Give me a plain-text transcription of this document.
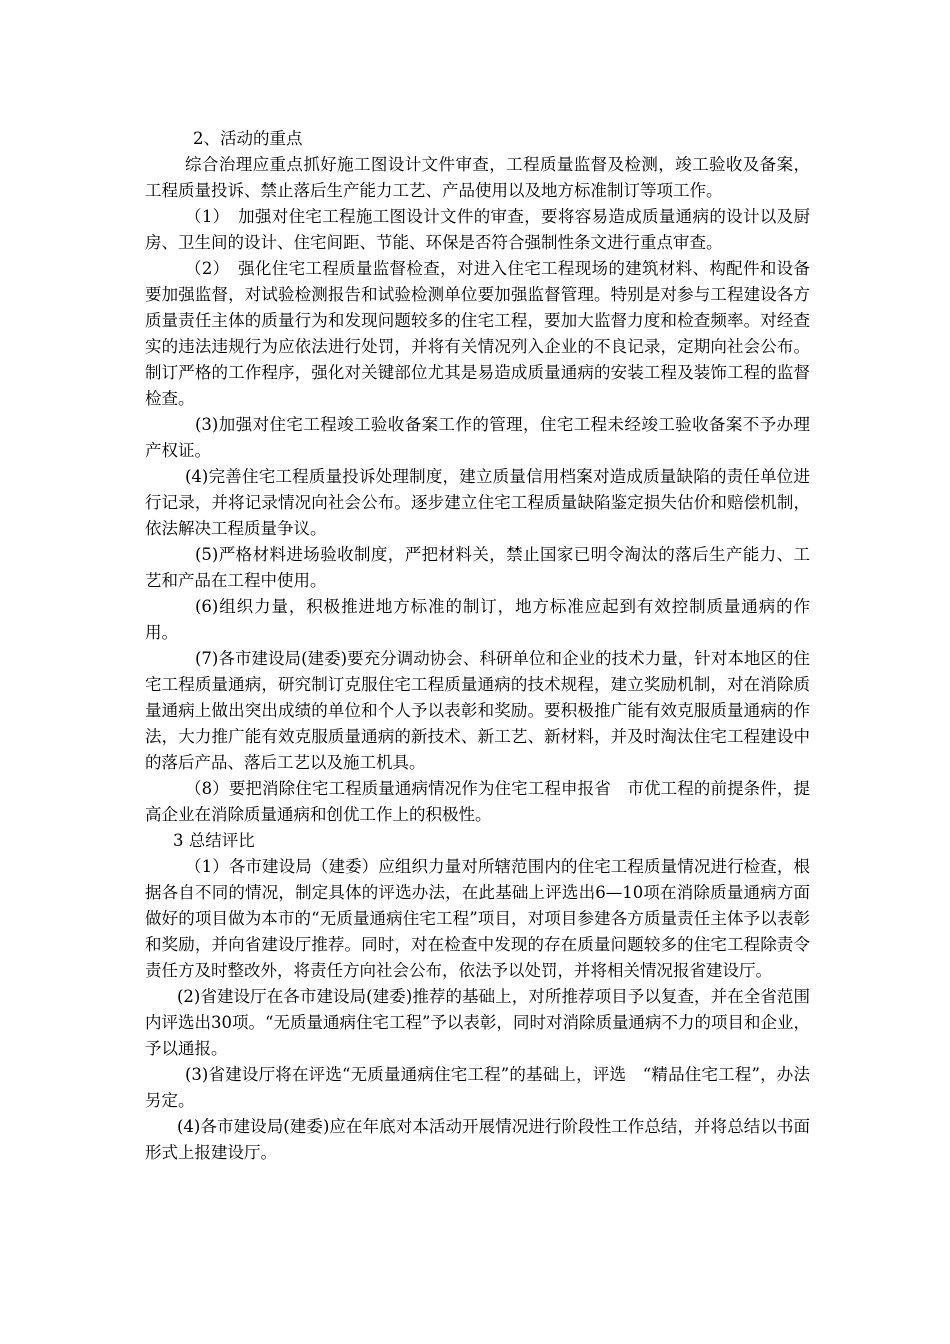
2、活动的重点

综合治理应重点抓好施工图设计文件审查，工程质量监督及检测，竣工验收及备案，工程质量投诉、禁止落后生产能力工艺、产品使用以及地方标准制订等项工作。

（1）　加强对住宅工程施工图设计文件的审查，要将容易造成质量通病的设计以及厨房、卫生间的设计、住宅间距、节能、环保是否符合强制性条文进行重点审查。

（2）　强化住宅工程质量监督检查，对进入住宅工程现场的建筑材料、构配件和设备要加强监督，对试验检测报告和试验检测单位要加强监督管理。特别是对参与工程建设各方质量责任主体的质量行为和发现问题较多的住宅工程，要加大监督力度和检查频率。对经查实的违法违规行为应依法进行处罚，并将有关情况列入企业的不良记录，定期向社会公布。制订严格的工作程序，强化对关键部位尤其是易造成质量通病的安装工程及装饰工程的监督检查。

(3)加强对住宅工程竣工验收备案工作的管理，住宅工程未经竣工验收备案不予办理产权证。

(4)完善住宅工程质量投诉处理制度，建立质量信用档案对造成质量缺陷的责任单位进行记录，并将记录情况向社会公布。逐步建立住宅工程质量缺陷鉴定损失估价和赔偿机制，依法解决工程质量争议。

(5)严格材料进场验收制度，严把材料关，禁止国家已明令淘汰的落后生产能力、工艺和产品在工程中使用。

(6)组织力量，积极推进地方标准的制订，地方标准应起到有效控制质量通病的作用。

(7)各市建设局(建委)要充分调动协会、科研单位和企业的技术力量，针对本地区的住宅工程质量通病，研究制订克服住宅工程质量通病的技术规程，建立奖励机制，对在消除质量通病上做出突出成绩的单位和个人予以表彰和奖励。要积极推广能有效克服质量通病的作法，大力推广能有效克服质量通病的新技术、新工艺、新材料，并及时淘汰住宅工程建设中的落后产品、落后工艺以及施工机具。

（8）要把消除住宅工程质量通病情况作为住宅工程申报省　市优工程的前提条件，提高企业在消除质量通病和创优工作上的积极性。

3 总结评比

（1）各市建设局（建委）应组织力量对所辖范围内的住宅工程质量情况进行检查，根据各自不同的情况，制定具体的评选办法，在此基础上评选出6—10项在消除质量通病方面做好的项目做为本市的“无质量通病住宅工程”项目，对项目参建各方质量责任主体予以表彰和奖励，并向省建设厅推荐。同时，对在检查中发现的存在质量问题较多的住宅工程除责令责任方及时整改外，将责任方向社会公布，依法予以处罚，并将相关情况报省建设厅。

(2)省建设厅在各市建设局(建委)推荐的基础上，对所推荐项目予以复查，并在全省范围内评选出30项。“无质量通病住宅工程”予以表彰，同时对消除质量通病不力的项目和企业，予以通报。

(3)省建设厅将在评选“无质量通病住宅工程”的基础上，评选　“精品住宅工程”，办法另定。

(4)各市建设局(建委)应在年底对本活动开展情况进行阶段性工作总结，并将总结以书面形式上报建设厅。
